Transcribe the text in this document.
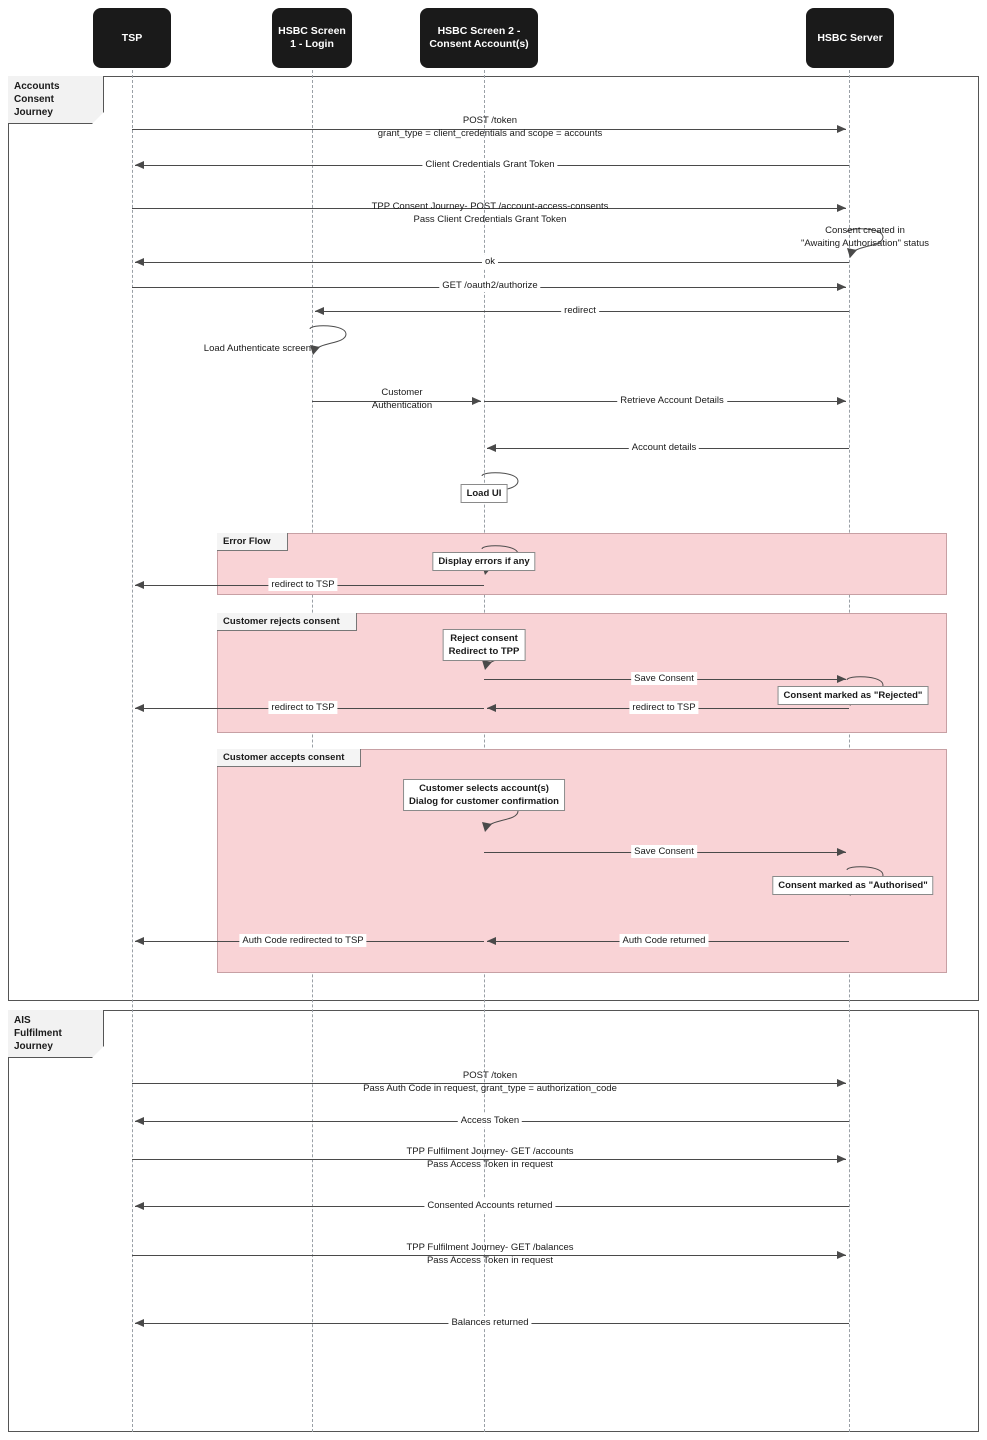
Accounts
Consent
Journey
AIS
Fulfilment
Journey
Error Flow
Customer rejects consent
Customer accepts consent
TSP
HSBC Screen 1 - Login
HSBC Screen 2 - Consent Account(s)
HSBC Server
POST /token
grant_type = client_credentials and scope = accounts
Client Credentials Grant Token
TPP Consent Journey- POST /account-access-consents
Pass Client Credentials Grant Token
ok
GET /oauth2/authorize
redirect
Retrieve Account Details
Customer
Authentication
Account details
redirect to TSP
Save Consent
redirect to TSP
redirect to TSP
Save Consent
Auth Code returned
Auth Code redirected to TSP
POST /token
Pass Auth Code in request, grant_type = authorization_code
Access Token
TPP Fulfilment Journey- GET /accounts
Pass Access Token in request
Consented Accounts returned
TPP Fulfilment Journey- GET /balances
Pass Access Token in request
Balances returned
Consent created in
"Awaiting Authorisation" status
Load Authenticate screen
Load UI
Display errors if any
Reject consent
Redirect to TPP
Consent marked as "Rejected"
Customer selects account(s)
Dialog for customer confirmation
Consent marked as "Authorised"
